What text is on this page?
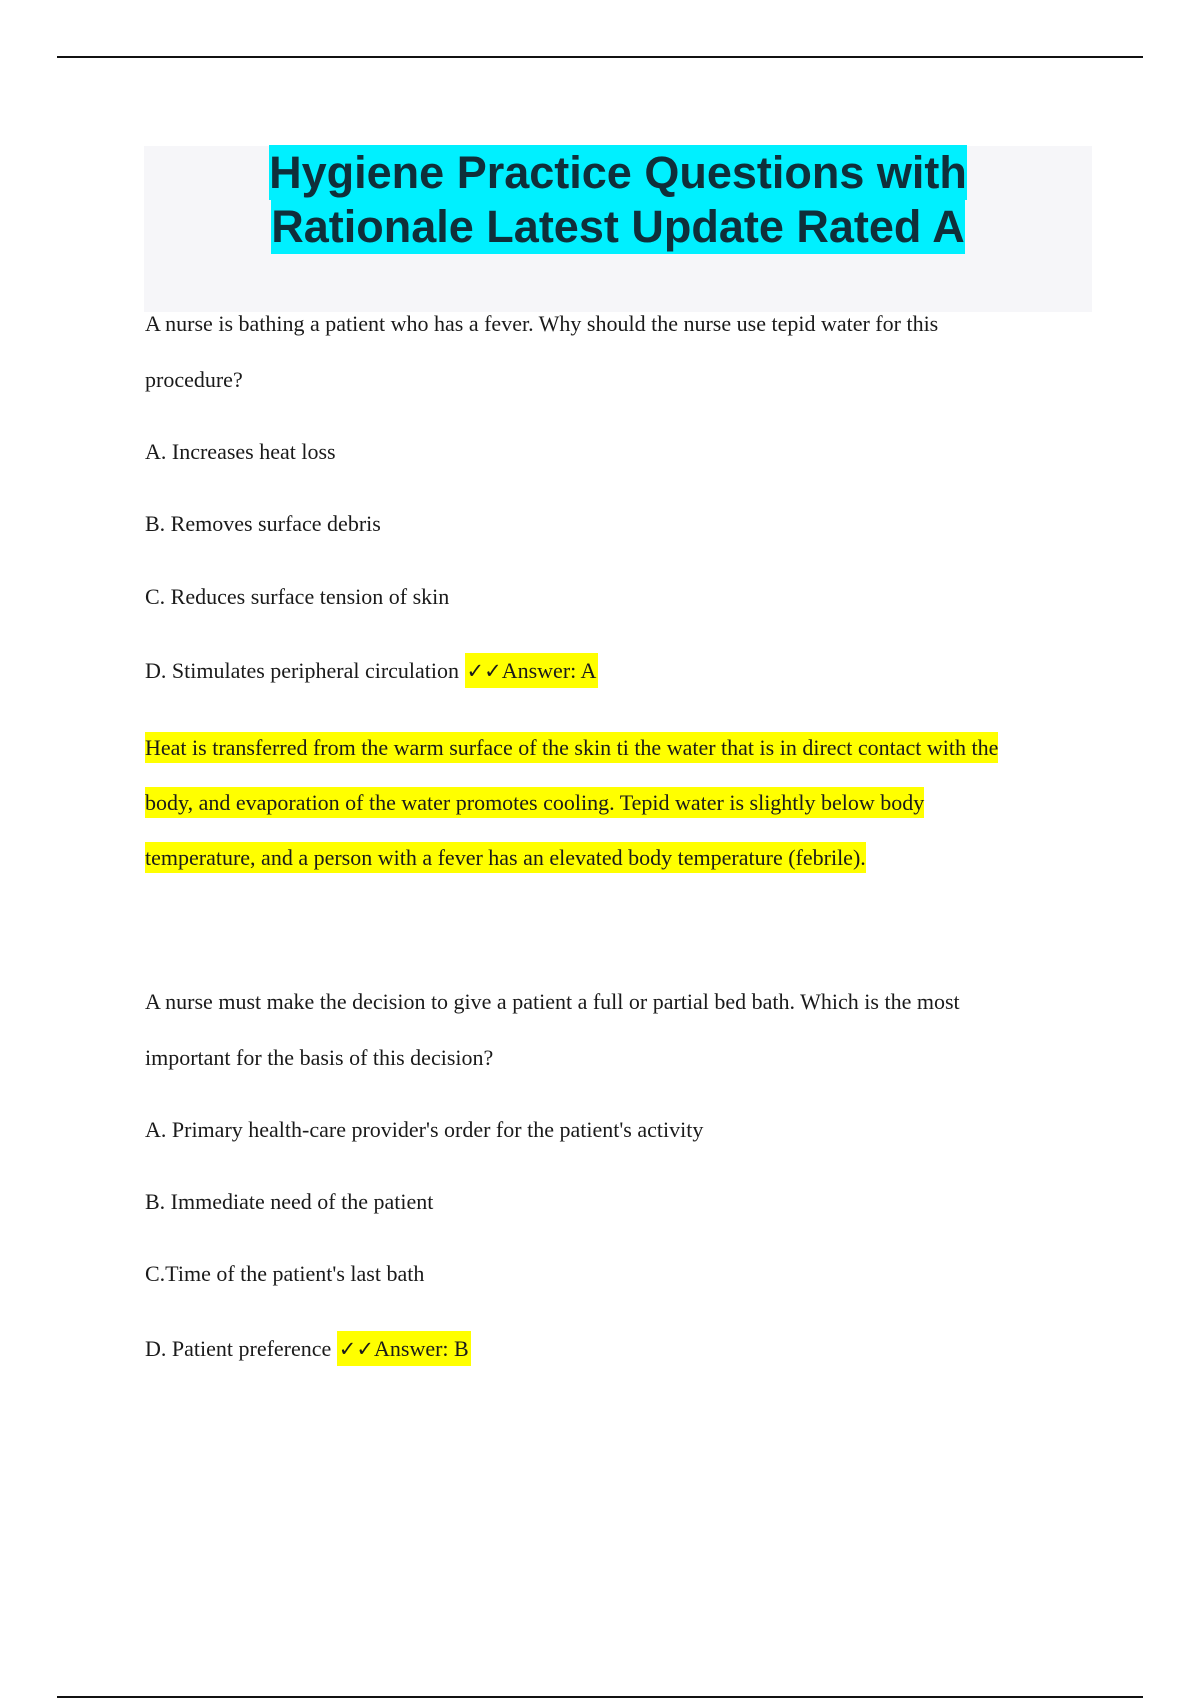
Hygiene Practice Questions with
Rationale Latest Update Rated A

A nurse is bathing a patient who has a fever. Why should the nurse use tepid water for this

procedure?

A. Increases heat loss

B. Removes surface debris

C. Reduces surface tension of skin

D. Stimulates peripheral circulation ✓✓Answer: A

Heat is transferred from the warm surface of the skin ti the water that is in direct contact with the

body, and evaporation of the water promotes cooling. Tepid water is slightly below body

temperature, and a person with a fever has an elevated body temperature (febrile).

A nurse must make the decision to give a patient a full or partial bed bath. Which is the most

important for the basis of this decision?

A. Primary health-care provider's order for the patient's activity

B. Immediate need of the patient

C.Time of the patient's last bath

D. Patient preference ✓✓Answer: B
